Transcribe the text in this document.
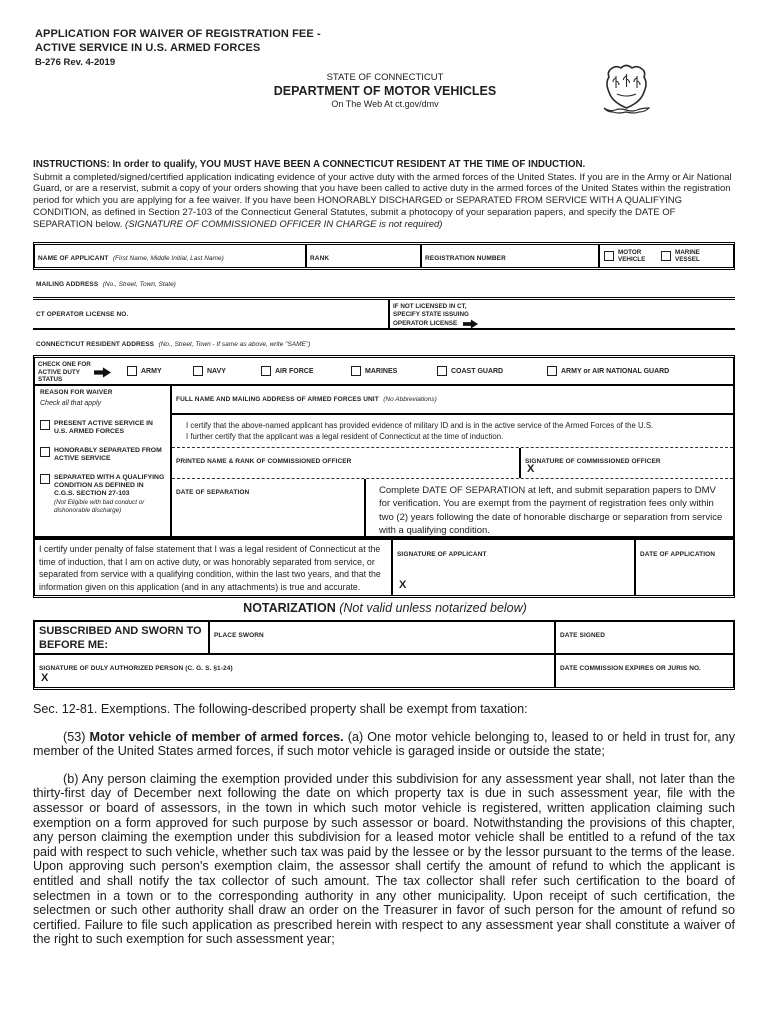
APPLICATION FOR WAIVER OF REGISTRATION FEE -
ACTIVE SERVICE IN U.S. ARMED FORCES
B-276 Rev. 4-2019
STATE OF CONNECTICUT
DEPARTMENT OF MOTOR VEHICLES
On The Web At ct.gov/dmv
INSTRUCTIONS: In order to qualify, YOU MUST HAVE BEEN A CONNECTICUT RESIDENT AT THE TIME OF INDUCTION.
Submit a completed/signed/certified application indicating evidence of your active duty with the armed forces of the United States. If you are in the Army or Air National Guard, or are a reservist, submit a copy of your orders showing that you have been called to active duty in the armed forces of the United States within the registration period for which you are applying for a fee waiver. If you have been HONORABLY DISCHARGED or SEPARATED FROM SERVICE WITH A QUALIFYING CONDITION, as defined in Section 27-103 of the Connecticut General Statutes, submit a photocopy of your separation papers, and specify the DATE OF SEPARATION below. (SIGNATURE OF COMMISSIONED OFFICER IN CHARGE is not required)
NAME OF APPLICANT (First Name, Middle Initial, Last Name)	RANK	REGISTRATION NUMBER
MOTOR VEHICLE
MARINE VESSEL
MAILING ADDRESS (No., Street, Town, State)
CT OPERATOR LICENSE NO.
IF NOT LICENSED IN CT,
SPECIFY STATE ISSUING
OPERATOR LICENSE
CONNECTICUT RESIDENT ADDRESS (No., Street, Town - If same as above, write "SAME")
CHECK ONE FOR ACTIVE DUTY STATUS
ARMY	NAVY	AIR FORCE	MARINES	COAST GUARD	ARMY or AIR NATIONAL GUARD
REASON FOR WAIVER
Check all that apply
PRESENT ACTIVE SERVICE IN U.S. ARMED FORCES
HONORABLY SEPARATED FROM ACTIVE SERVICE
SEPARATED WITH A QUALIFYING CONDITION AS DEFINED IN C.G.S. SECTION 27-103
(Not Eligible with bad conduct or dishonorable discharge)
FULL NAME AND MAILING ADDRESS OF ARMED FORCES UNIT (No Abbreviations)
I certify that the above-named applicant has provided evidence of military ID and is in the active service of the Armed Forces of the U.S.
I further certify that the applicant was a legal resident of Connecticut at the time of induction.
PRINTED NAME & RANK OF COMMISSIONED OFFICER	SIGNATURE OF COMMISSIONED OFFICER
X
DATE OF SEPARATION	Complete DATE OF SEPARATION at left, and submit separation papers to DMV for verification. You are exempt from the payment of registration fees only within two (2) years following the date of honorable discharge or separation from service with a qualifying condition.
I certify under penalty of false statement that I was a legal resident of Connecticut at the time of induction, that I am on active duty, or was honorably separated from service, or separated from service with a qualifying condition, within the last two years, and that the information given on this application (and in any attachments) is true and accurate.
SIGNATURE OF APPLICANT
X
DATE OF APPLICATION
NOTARIZATION (Not valid unless notarized below)
SUBSCRIBED AND SWORN TO BEFORE ME:
PLACE SWORN	DATE SIGNED
SIGNATURE OF DULY AUTHORIZED PERSON (C. G. S. §1-24)
X
DATE COMMISSION EXPIRES OR JURIS NO.

Sec. 12-81. Exemptions. The following-described property shall be exempt from taxation:

(53) Motor vehicle of member of armed forces. (a) One motor vehicle belonging to, leased to or held in trust for, any member of the United States armed forces, if such motor vehicle is garaged inside or outside the state;

(b) Any person claiming the exemption provided under this subdivision for any assessment year shall, not later than the thirty-first day of December next following the date on which property tax is due in such assessment year, file with the assessor or board of assessors, in the town in which such motor vehicle is registered, written application claiming such exemption on a form approved for such purpose by such assessor or board. Notwithstanding the provisions of this chapter, any person claiming the exemption under this subdivision for a leased motor vehicle shall be entitled to a refund of the tax paid with respect to such vehicle, whether such tax was paid by the lessee or by the lessor pursuant to the terms of the lease. Upon approving such person's exemption claim, the assessor shall certify the amount of refund to which the applicant is entitled and shall notify the tax collector of such amount. The tax collector shall refer such certification to the board of selectmen in a town or to the corresponding authority in any other municipality. Upon receipt of such certification, the selectmen or such other authority shall draw an order on the Treasurer in favor of such person for the amount of refund so certified. Failure to file such application as prescribed herein with respect to any assessment year shall constitute a waiver of the right to such exemption for such assessment year;
